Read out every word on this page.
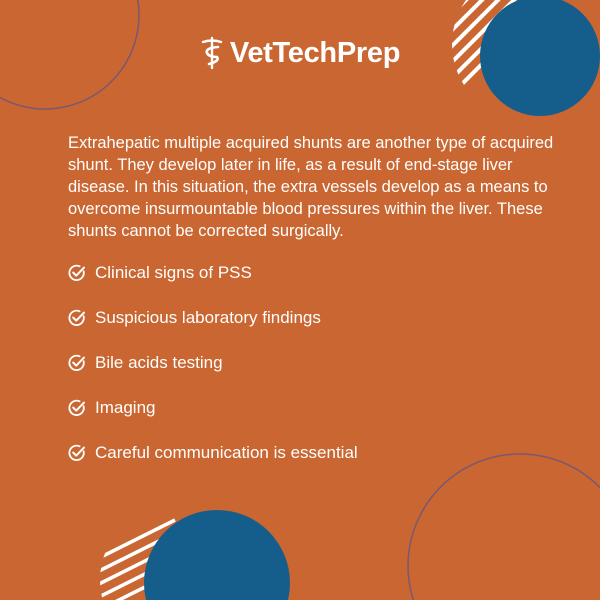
VetTechPrep

Extrahepatic multiple acquired shunts are another type of acquired shunt. They develop later in life, as a result of end-stage liver disease. In this situation, the extra vessels develop as a means to overcome insurmountable blood pressures within the liver. These shunts cannot be corrected surgically.

Clinical signs of PSS
Suspicious laboratory findings
Bile acids testing
Imaging
Careful communication is essential
